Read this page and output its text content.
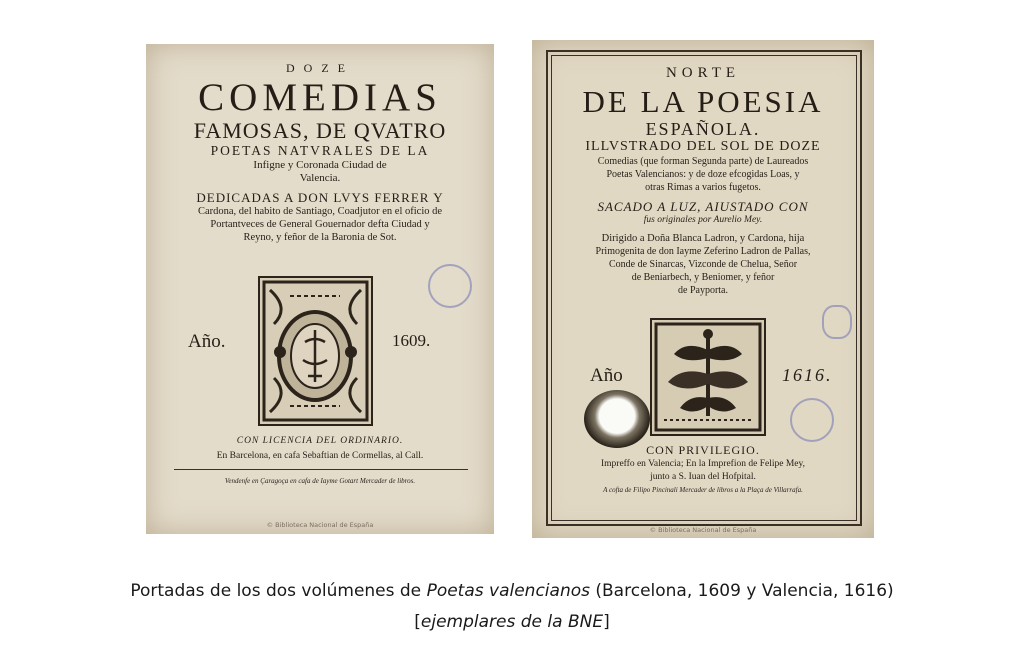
DOZE
COMEDIAS
FAMOSAS, DE QVATRO
POETAS NATVRALES DE LA
Infigne y Coronada Ciudad de
Valencia.
DEDICADAS A DON LVYS FERRER Y
Cardona, del habito de Santiago, Coadjutor en el oficio de
Portantveces de General Gouernador defta Ciudad y
Reyno, y feñor de la Baronia de Sot.
Año.	1609.
CON LICENCIA DEL ORDINARIO.
En Barcelona, en cafa Sebaftian de Cormellas, al Call.
Vendenfe en Çaragoça en cafa de Iayme Gotart Mercader de libros.
© Biblioteca Nacional de España
NORTE
DE LA POESIA
ESPAÑOLA.
ILLVSTRADO DEL SOL DE DOZE
Comedias (que forman Segunda parte) de Laureados
Poetas Valencianos: y de doze efcogidas Loas, y
otras Rimas a varios fugetos.
SACADO A LUZ, AIUSTADO CON
fus originales por Aurelio Mey.
Dirigido a Doña Blanca Ladron, y Cardona, hija
Primogenita de don Iayme Zeferino Ladron de Pallas,
Conde de Sinarcas, Vizconde de Chelua, Señor
de Beniarbech, y Beniomer, y feñor
de Payporta.
Año	1616.
CON PRIVILEGIO.
Impreffo en Valencia; En la Imprefion de Felipe Mey,
junto a S. Iuan del Hofpital.
A cofta de Filipo Pincinali Mercader de libros a la Plaça de Villarrafa.
© Biblioteca Nacional de España
Portadas de los dos volúmenes de Poetas valencianos (Barcelona, 1609 y Valencia, 1616)
[ejemplares de la BNE]
